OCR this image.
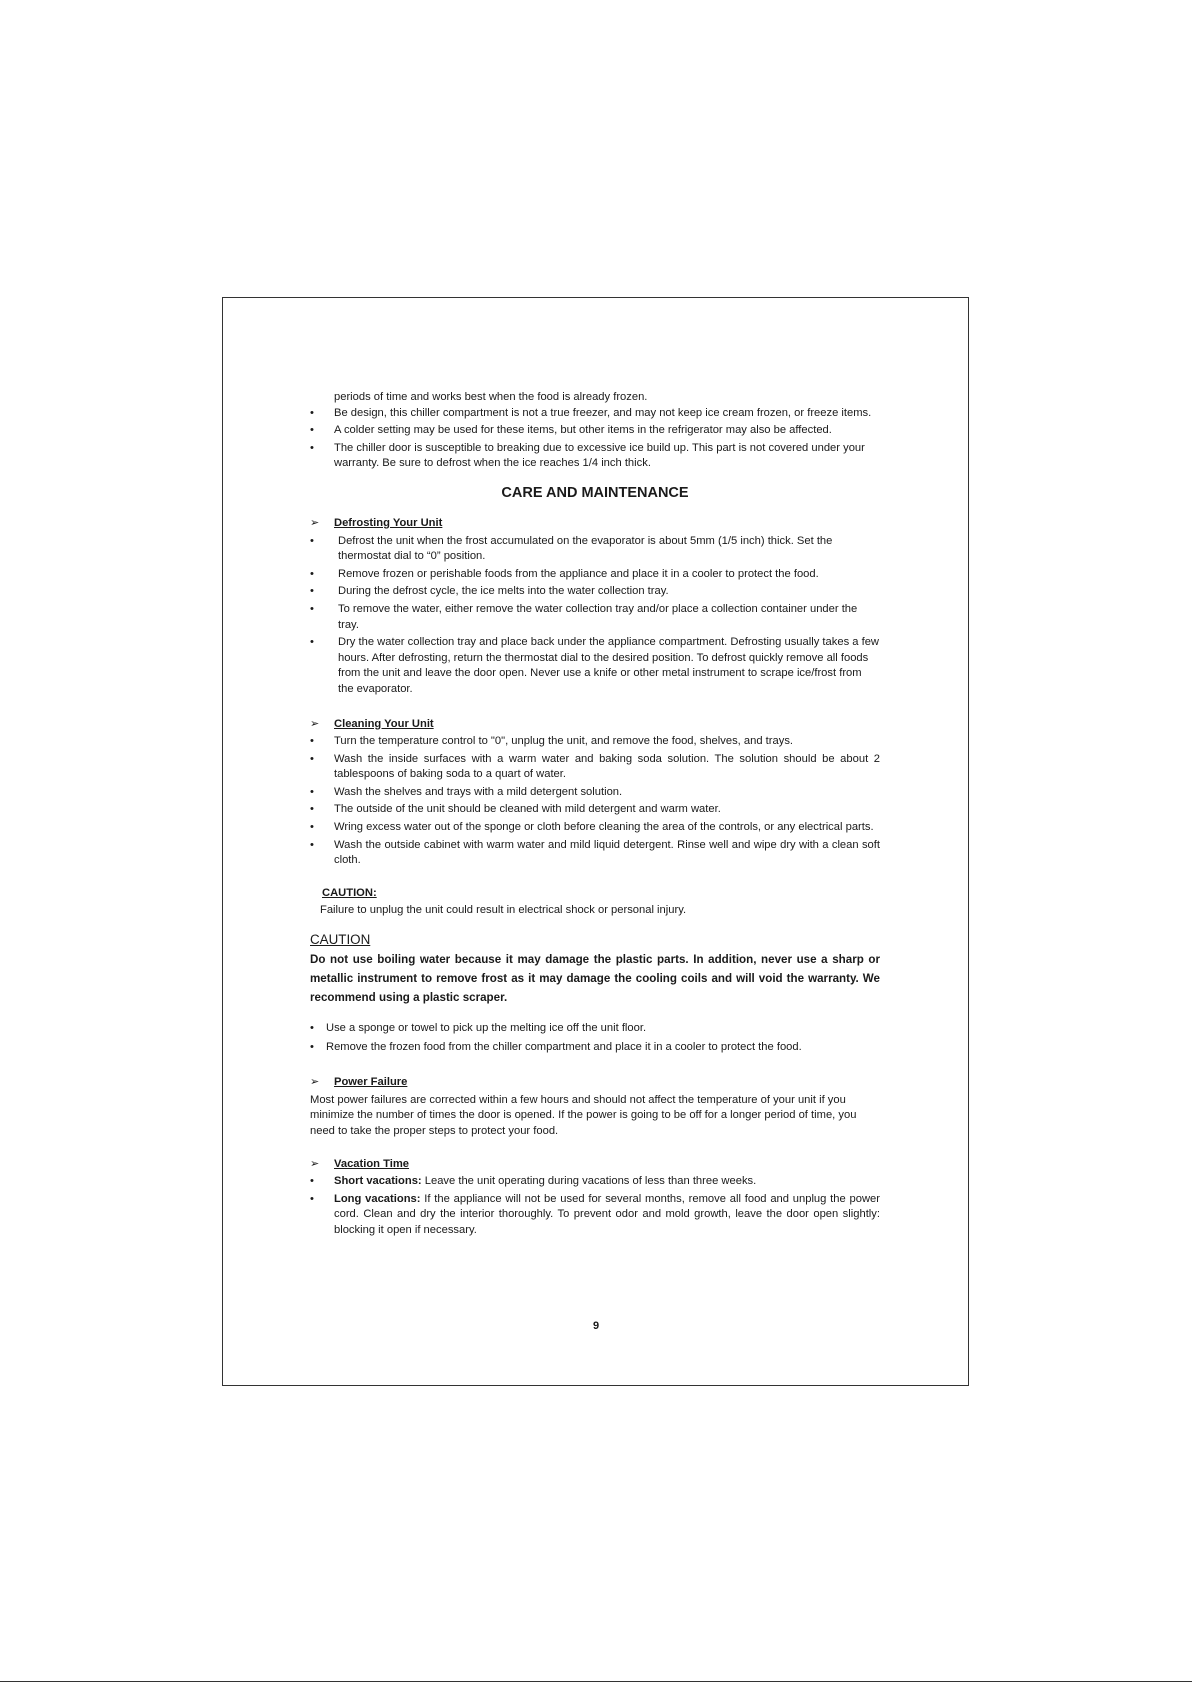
periods of time and works best when the food is already frozen.

• Be design, this chiller compartment is not a true freezer, and may not keep ice cream frozen, or freeze items.
• A colder setting may be used for these items, but other items in the refrigerator may also be affected.
• The chiller door is susceptible to breaking due to excessive ice build up. This part is not covered under your warranty. Be sure to defrost when the ice reaches 1/4 inch thick.
CARE AND MAINTENANCE
➢ Defrosting Your Unit
• Defrost the unit when the frost accumulated on the evaporator is about 5mm (1/5 inch) thick. Set the thermostat dial to “0” position.
• Remove frozen or perishable foods from the appliance and place it in a cooler to protect the food.
• During the defrost cycle, the ice melts into the water collection tray.
• To remove the water, either remove the water collection tray and/or place a collection container under the tray.
• Dry the water collection tray and place back under the appliance compartment. Defrosting usually takes a few hours. After defrosting, return the thermostat dial to the desired position. To defrost quickly remove all foods from the unit and leave the door open. Never use a knife or other metal instrument to scrape ice/frost from the evaporator.
➢ Cleaning Your Unit
• Turn the temperature control to "0", unplug the unit, and remove the food, shelves, and trays.
• Wash the inside surfaces with a warm water and baking soda solution. The solution should be about 2 tablespoons of baking soda to a quart of water.
• Wash the shelves and trays with a mild detergent solution.
• The outside of the unit should be cleaned with mild detergent and warm water.
• Wring excess water out of the sponge or cloth before cleaning the area of the controls, or any electrical parts.
• Wash the outside cabinet with warm water and mild liquid detergent. Rinse well and wipe dry with a clean soft cloth.
CAUTION:
Failure to unplug the unit could result in electrical shock or personal injury.
CAUTION
Do not use boiling water because it may damage the plastic parts. In addition, never use a sharp or metallic instrument to remove frost as it may damage the cooling coils and will void the warranty. We recommend using a plastic scraper.
• Use a sponge or towel to pick up the melting ice off the unit floor.
• Remove the frozen food from the chiller compartment and place it in a cooler to protect the food.
➢ Power Failure

Most power failures are corrected within a few hours and should not affect the temperature of your unit if you minimize the number of times the door is opened. If the power is going to be off for a longer period of time, you need to take the proper steps to protect your food.

➢ Vacation Time
• Short vacations: Leave the unit operating during vacations of less than three weeks.
• Long vacations: If the appliance will not be used for several months, remove all food and unplug the power cord. Clean and dry the interior thoroughly. To prevent odor and mold growth, leave the door open slightly: blocking it open if necessary.
9
